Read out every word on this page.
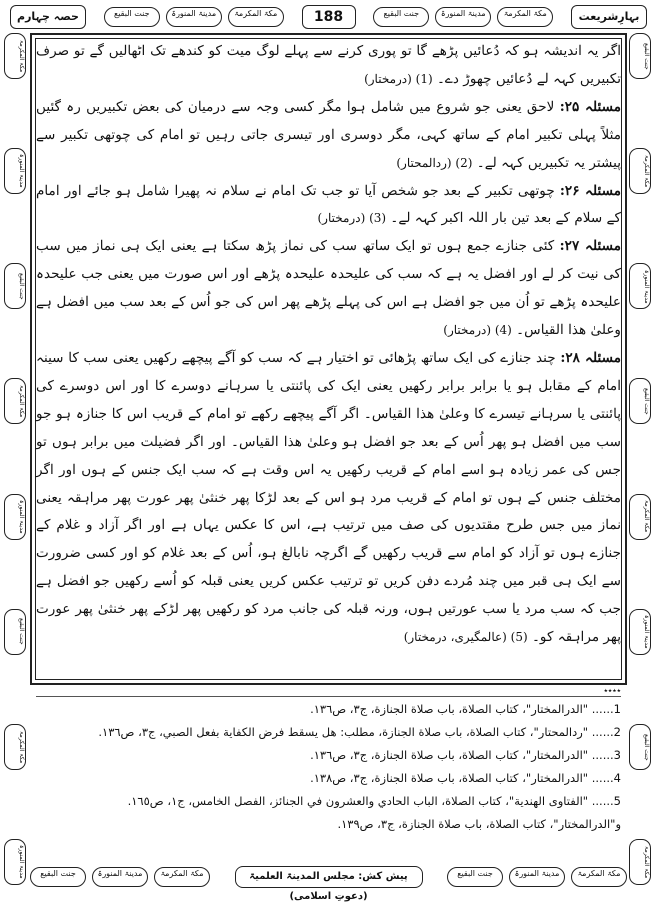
حصہ چہارم	جنت البقیع	مدینۃ المنورۃ	مکۃ المکرمۃ	188	جنت البقیع	مدینۃ المنورۃ	مکۃ المکرمۃ	بہارِشریعت
مکۃ المکرمۃ
مدینۃ المنورۃ
جنت البقیع
مکۃ المکرمۃ
مدینۃ المنورۃ
جنت البقیع
مکۃ المکرمۃ
مدینۃ المنورۃ
جنت البقیع
مکۃ المکرمۃ
مدینۃ المنورۃ
جنت البقیع
مکۃ المکرمۃ
مدینۃ المنورۃ
جنت البقیع
مکۃ المکرمۃ

اگر یہ اندیشہ ہو کہ دُعائیں پڑھے گا تو پوری کرنے سے پہلے لوگ میت کو کندھے تک اٹھالیں گے تو صرف تکبیریں کہہ لے دُعائیں چھوڑ دے۔ (1) (درمختار)

مسئلہ ۲۵: لاحق یعنی جو شروع میں شامل ہوا مگر کسی وجہ سے درمیان کی بعض تکبیریں رہ گئیں مثلاً پہلی تکبیر امام کے ساتھ کہی، مگر دوسری اور تیسری جاتی رہیں تو امام کی چوتھی تکبیر سے پیشتر یہ تکبیریں کہہ لے۔ (2) (ردالمحتار)

مسئلہ ۲۶: چوتھی تکبیر کے بعد جو شخص آیا تو جب تک امام نے سلام نہ پھیرا شامل ہو جائے اور امام کے سلام کے بعد تین بار اللہ اکبر کہہ لے۔ (3) (درمختار)

مسئلہ ۲۷: کئی جنازے جمع ہوں تو ایک ساتھ سب کی نماز پڑھ سکتا ہے یعنی ایک ہی نماز میں سب کی نیت کر لے اور افضل یہ ہے کہ سب کی علیحدہ علیحدہ پڑھے اور اس صورت میں یعنی جب علیحدہ علیحدہ پڑھے تو اُن میں جو افضل ہے اس کی پہلے پڑھے پھر اس کی جو اُس کے بعد سب میں افضل ہے وعلیٰ ھذا القیاس۔ (4) (درمختار)

مسئلہ ۲۸: چند جنازے کی ایک ساتھ پڑھائی تو اختیار ہے کہ سب کو آگے پیچھے رکھیں یعنی سب کا سینہ امام کے مقابل ہو یا برابر برابر رکھیں یعنی ایک کی پائنتی یا سرہانے دوسرے کا اور اس دوسرے کی پائنتی یا سرہانے تیسرے کا وعلیٰ ھذا القیاس۔ اگر آگے پیچھے رکھے تو امام کے قریب اس کا جنازہ ہو جو سب میں افضل ہو پھر اُس کے بعد جو افضل ہو وعلیٰ ھذا القیاس۔ اور اگر فضیلت میں برابر ہوں تو جس کی عمر زیادہ ہو اسے امام کے قریب رکھیں یہ اس وقت ہے کہ سب ایک جنس کے ہوں اور اگر مختلف جنس کے ہوں تو امام کے قریب مرد ہو اس کے بعد لڑکا پھر خنثیٰ پھر عورت پھر مراہقہ یعنی نماز میں جس طرح مقتدیوں کی صف میں ترتیب ہے، اس کا عکس یہاں ہے اور اگر آزاد و غلام کے جنازے ہوں تو آزاد کو امام سے قریب رکھیں گے اگرچہ نابالغ ہو، اُس کے بعد غلام کو اور کسی ضرورت سے ایک ہی قبر میں چند مُردے دفن کریں تو ترتیب عکس کریں یعنی قبلہ کو اُسے رکھیں جو افضل ہے جب کہ سب مرد یا سب عورتیں ہوں، ورنہ قبلہ کی جانب مرد کو رکھیں پھر لڑکے پھر خنثیٰ پھر عورت پھر مراہقہ کو۔ (5) (عالمگیری، درمختار)

٭٭٭٭
1...... "الدرالمختار"، كتاب الصلاة، باب صلاة الجنازة، ج٣، ص١٣٦.
2...... "ردالمحتار"، كتاب الصلاة، باب صلاة الجنازة، مطلب: هل يسقط فرض الكفاية بفعل الصبي، ج٣، ص١٣٦.
3...... "الدرالمختار"، كتاب الصلاة، باب صلاة الجنازة، ج٣، ص١٣٦.
4...... "الدرالمختار"، كتاب الصلاة، باب صلاة الجنازة، ج٣، ص١٣٨.
5...... "الفتاوى الهندية"، كتاب الصلاة، الباب الحادي والعشرون في الجنائز، الفصل الخامس، ج١، ص١٦٥.
و"الدرالمختار"، كتاب الصلاة، باب صلاة الجنازة، ج٣، ص١٣٩.
جنت البقیع	مدینۃ المنورۃ	مکۃ المکرمۃ	پیش کش: مجلس المدینۃ العلمیۃ (دعوتِ اسلامی)
جنت البقیع	مدینۃ المنورۃ	مکۃ المکرمۃ
